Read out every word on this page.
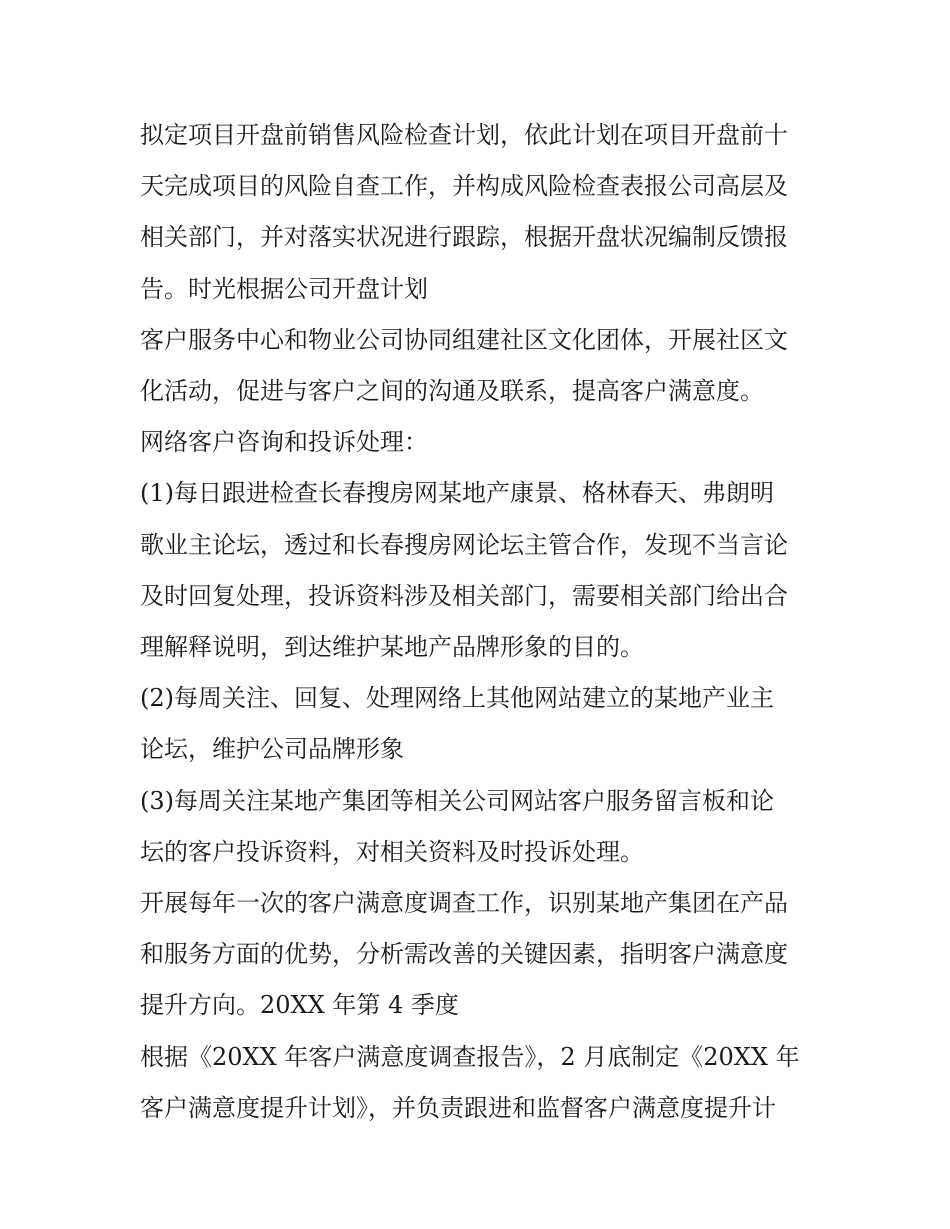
拟定项目开盘前销售风险检查计划，依此计划在项目开盘前十
天完成项目的风险自查工作，并构成风险检查表报公司高层及
相关部门，并对落实状况进行跟踪，根据开盘状况编制反馈报
告。时光根据公司开盘计划

客户服务中心和物业公司协同组建社区文化团体，开展社区文
化活动，促进与客户之间的沟通及联系，提高客户满意度。

网络客户咨询和投诉处理：

(1)每日跟进检查长春搜房网某地产康景、格林春天、弗朗明
歌业主论坛，透过和长春搜房网论坛主管合作，发现不当言论
及时回复处理，投诉资料涉及相关部门，需要相关部门给出合
理解释说明，到达维护某地产品牌形象的目的。

(2)每周关注、回复、处理网络上其他网站建立的某地产业主
论坛，维护公司品牌形象

(3)每周关注某地产集团等相关公司网站客户服务留言板和论
坛的客户投诉资料，对相关资料及时投诉处理。

开展每年一次的客户满意度调查工作，识别某地产集团在产品
和服务方面的优势，分析需改善的关键因素，指明客户满意度
提升方向。20XX 年第 4 季度

根据《20XX 年客户满意度调查报告》，2 月底制定《20XX 年
客户满意度提升计划》，并负责跟进和监督客户满意度提升计
